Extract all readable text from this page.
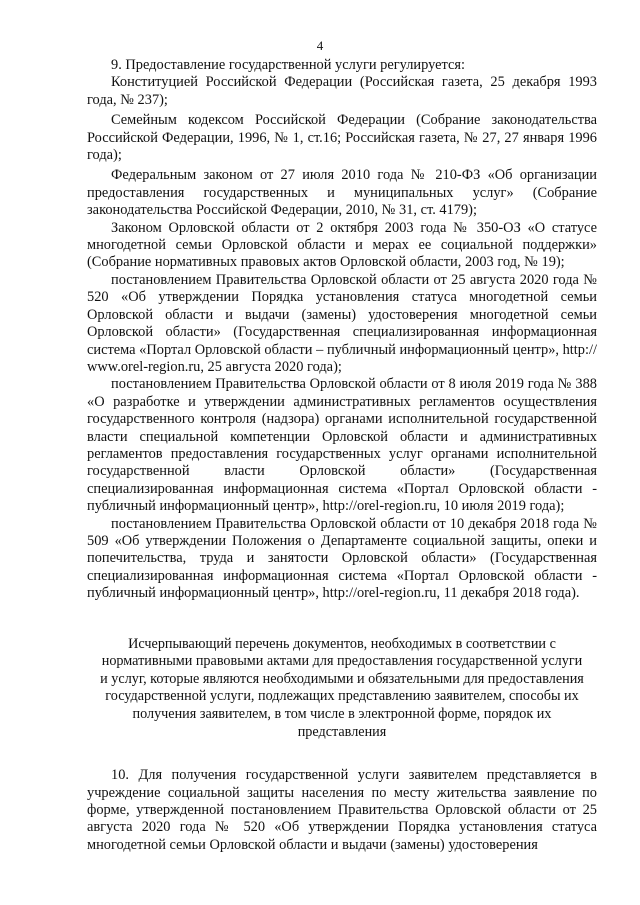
4

9. Предоставление государственной услуги регулируется:

Конституцией Российской Федерации (Российская газета, 25 декабря 1993 года, № 237);

Семейным кодексом Российской Федерации (Собрание законодательства Российской Федерации, 1996, № 1, ст.16; Российская газета, № 27, 27 января 1996 года);

Федеральным законом от 27 июля 2010 года № 210-ФЗ «Об организации предоставления государственных и муниципальных услуг» (Собрание законодательства Российской Федерации, 2010, № 31, ст. 4179);

Законом Орловской области от 2 октября 2003 года № 350-ОЗ «О статусе многодетной семьи Орловской области и мерах ее социальной поддержки» (Собрание нормативных правовых актов Орловской области, 2003 год, № 19);

постановлением Правительства Орловской области от 25 августа 2020 года № 520 «Об утверждении Порядка установления статуса многодетной семьи Орловской области и выдачи (замены) удостоверения многодетной семьи Орловской области» (Государственная специализированная информационная система «Портал Орловской области – публичный информационный центр», http:// www.orel-region.ru, 25 августа 2020 года);

постановлением Правительства Орловской области от 8 июля 2019 года № 388 «О разработке и утверждении административных регламентов осуществления государственного контроля (надзора) органами исполнительной государственной власти специальной компетенции Орловской области и административных регламентов предоставления государственных услуг органами исполнительной государственной власти Орловской области» (Государственная специализированная информационная система «Портал Орловской области - публичный информационный центр», http://orel-region.ru, 10 июля 2019 года);

постановлением Правительства Орловской области от 10 декабря 2018 года № 509 «Об утверждении Положения о Департаменте социальной защиты, опеки и попечительства, труда и занятости Орловской области» (Государственная специализированная информационная система «Портал Орловской области - публичный информационный центр», http://orel-region.ru, 11 декабря 2018 года).

Исчерпывающий перечень документов, необходимых в соответствии с нормативными правовыми актами для предоставления государственной услуги и услуг, которые являются необходимыми и обязательными для предоставления государственной услуги, подлежащих представлению заявителем, способы их получения заявителем, в том числе в электронной форме, порядок их представления

10. Для получения государственной услуги заявителем представляется в учреждение социальной защиты населения по месту жительства заявление по форме, утвержденной постановлением Правительства Орловской области от 25 августа 2020 года № 520 «Об утверждении Порядка установления статуса многодетной семьи Орловской области и выдачи (замены) удостоверения
